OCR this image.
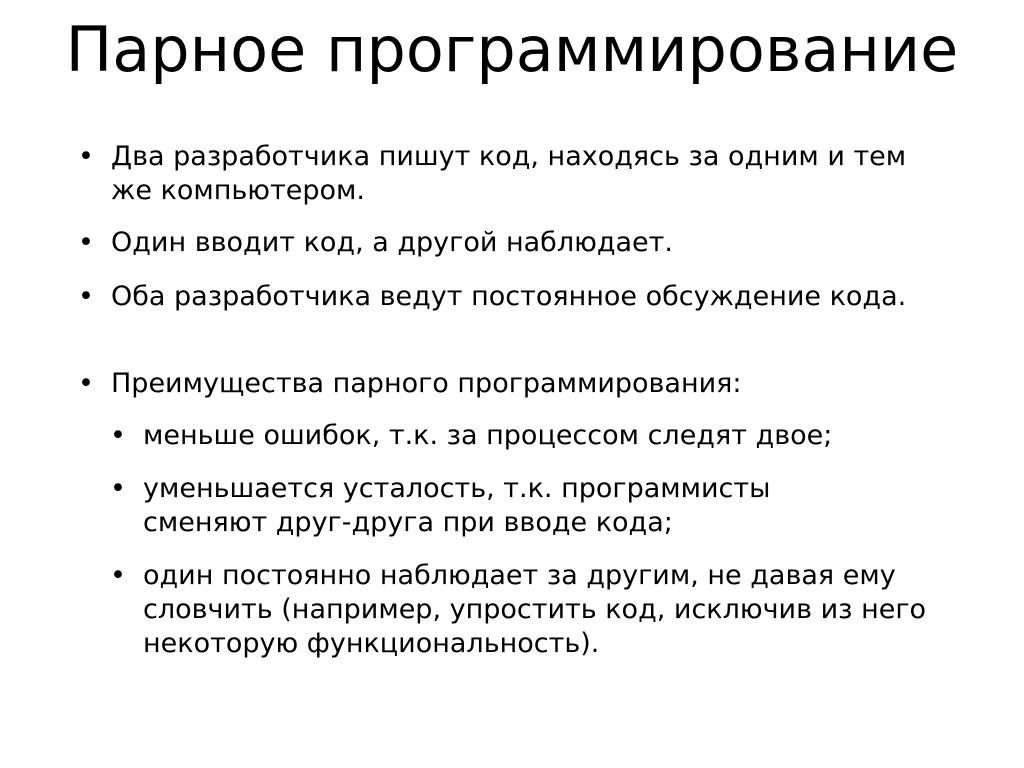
Парное программирование
• Два разработчика пишут код, находясь за одним и тем же компьютером.
• Один вводит код, а другой наблюдает.
• Оба разработчика ведут постоянное обсуждение кода.
• Преимущества парного программирования:
• меньше ошибок, т.к. за процессом следят двое;
• уменьшается усталость, т.к. программисты сменяют друг-друга при вводе кода;
• один постоянно наблюдает за другим, не давая ему словчить (например, упростить код, исключив из него некоторую функциональность).
